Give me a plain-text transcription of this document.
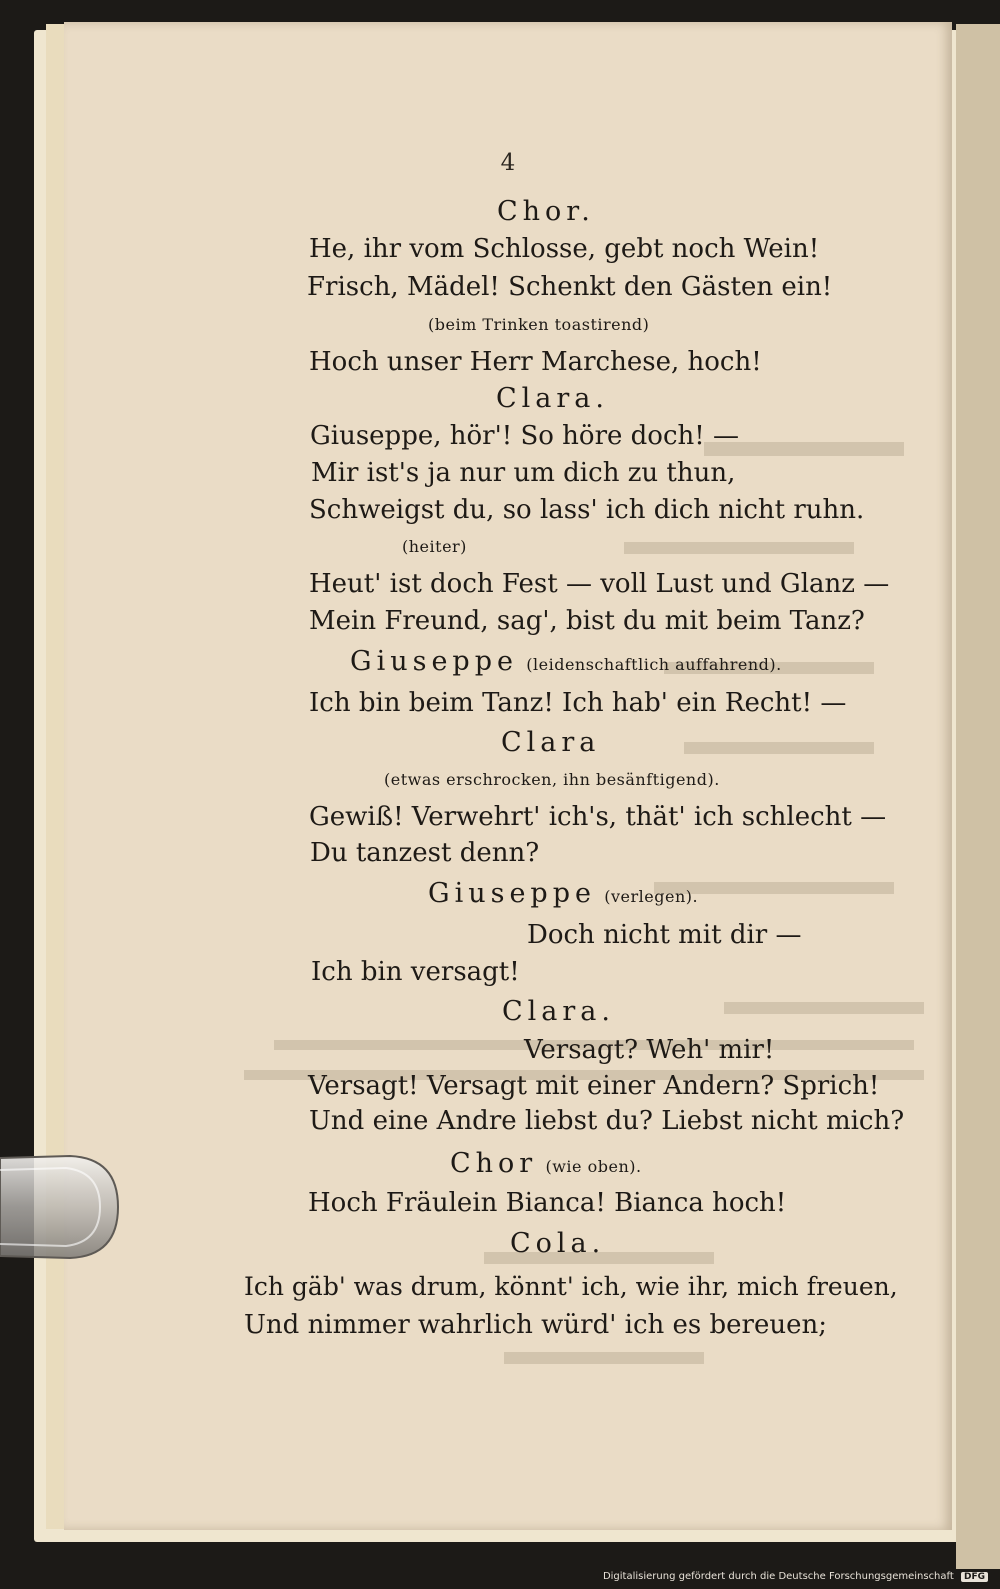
4
Chor.
He, ihr vom Schlosse, gebt noch Wein!
Frisch, Mädel! Schenkt den Gästen ein!
(beim Trinken toastirend)
Hoch unser Herr Marchese, hoch!
Clara.
Giuseppe, hör'! So höre doch! —
Mir ist's ja nur um dich zu thun,
Schweigst du, so lass' ich dich nicht ruhn.
(heiter)
Heut' ist doch Fest — voll Lust und Glanz —
Mein Freund, sag', bist du mit beim Tanz?
Giuseppe (leidenschaftlich auffahrend).
Ich bin beim Tanz! Ich hab' ein Recht! —
Clara
(etwas erschrocken, ihn besänftigend).
Gewiß! Verwehrt' ich's, thät' ich schlecht —
Du tanzest denn?
Giuseppe (verlegen).
Doch nicht mit dir —
Ich bin versagt!
Clara.
Versagt? Weh' mir!
Versagt! Versagt mit einer Andern? Sprich!
Und eine Andre liebst du? Liebst nicht mich?
Chor (wie oben).
Hoch Fräulein Bianca! Bianca hoch!
Cola.
Ich gäb' was drum, könnt' ich, wie ihr, mich freuen,
Und nimmer wahrlich würd' ich es bereuen;
Digitalisierung gefördert durch die Deutsche Forschungsgemeinschaft DFG
